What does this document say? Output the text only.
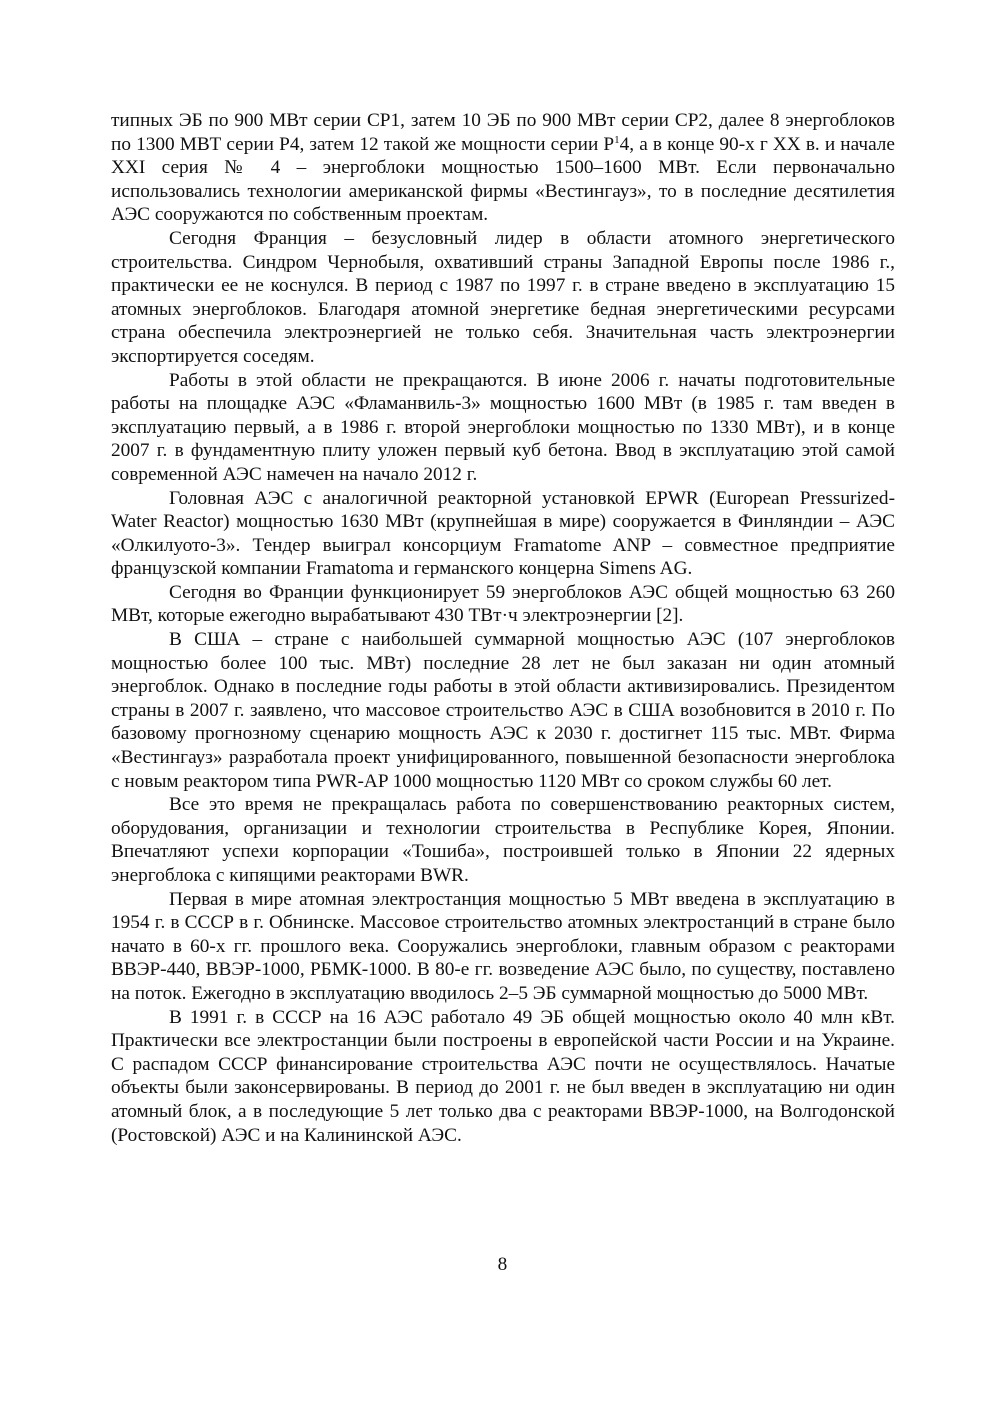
типных ЭБ по 900 МВт серии СР1, затем 10 ЭБ по 900 МВт серии СР2, далее 8 энергоблоков по 1300 МВТ серии Р4, затем 12 такой же мощности серии $Р^14$, а в конце 90-х г XX в. и начале XXI серия № 4 – энергоблоки мощностью 1500–1600 МВт. Если первоначально использовались технологии американской фирмы «Вестингауз», то в последние десятилетия АЭС сооружаются по собственным проектам.

Сегодня Франция – безусловный лидер в области атомного энергетического строительства. Синдром Чернобыля, охвативший страны Западной Европы после 1986 г., практически ее не коснулся. В период с 1987 по 1997 г. в стране введено в эксплуатацию 15 атомных энергоблоков. Благодаря атомной энергетике бедная энергетическими ресурсами страна обеспечила электроэнергией не только себя. Значительная часть электроэнергии экспортируется соседям.

Работы в этой области не прекращаются. В июне 2006 г. начаты подготовительные работы на площадке АЭС «Фламанвиль-3» мощностью 1600 МВт (в 1985 г. там введен в эксплуатацию первый, а в 1986 г. второй энергоблоки мощностью по 1330 МВт), и в конце 2007 г. в фундаментную плиту уложен первый куб бетона. Ввод в эксплуатацию этой самой современной АЭС намечен на начало 2012 г.

Головная АЭС с аналогичной реакторной установкой EPWR (European Pressurized-Water Reactor) мощностью 1630 МВт (крупнейшая в мире) сооружается в Финляндии – АЭС «Олкилуото-3». Тендер выиграл консорциум Framatome ANP – совместное предприятие французской компании Framatoma и германского концерна Simens AG.

Сегодня во Франции функционирует 59 энергоблоков АЭС общей мощностью 63 260 МВт, которые ежегодно вырабатывают 430 ТВт·ч электроэнергии [2].

В США – стране с наибольшей суммарной мощностью АЭС (107 энергоблоков мощностью более 100 тыс. МВт) последние 28 лет не был заказан ни один атомный энергоблок. Однако в последние годы работы в этой области активизировались. Президентом страны в 2007 г. заявлено, что массовое строительство АЭС в США возобновится в 2010 г. По базовому прогнозному сценарию мощность АЭС к 2030 г. достигнет 115 тыс. МВт. Фирма «Вестингауз» разработала проект унифицированного, повышенной безопасности энергоблока с новым реактором типа PWR-AP 1000 мощностью 1120 МВт со сроком службы 60 лет.

Все это время не прекращалась работа по совершенствованию реакторных систем, оборудования, организации и технологии строительства в Республике Корея, Японии. Впечатляют успехи корпорации «Тошиба», построившей только в Японии 22 ядерных энергоблока с кипящими реакторами BWR.

Первая в мире атомная электростанция мощностью 5 МВт введена в эксплуатацию в 1954 г. в СССР в г. Обнинске. Массовое строительство атомных электростанций в стране было начато в 60-х гг. прошлого века. Сооружались энергоблоки, главным образом с реакторами ВВЭР-440, ВВЭР-1000, РБМК-1000. В 80-е гг. возведение АЭС было, по существу, поставлено на поток. Ежегодно в эксплуатацию вводилось 2–5 ЭБ суммарной мощностью до 5000 МВт.

В 1991 г. в СССР на 16 АЭС работало 49 ЭБ общей мощностью около 40 млн кВт. Практически все электростанции были построены в европейской части России и на Украине. С распадом СССР финансирование строительства АЭС почти не осуществлялось. Начатые объекты были законсервированы. В период до 2001 г. не был введен в эксплуатацию ни один атомный блок, а в последующие 5 лет только два с реакторами ВВЭР-1000, на Волгодонской (Ростовской) АЭС и на Калининской АЭС.

8
